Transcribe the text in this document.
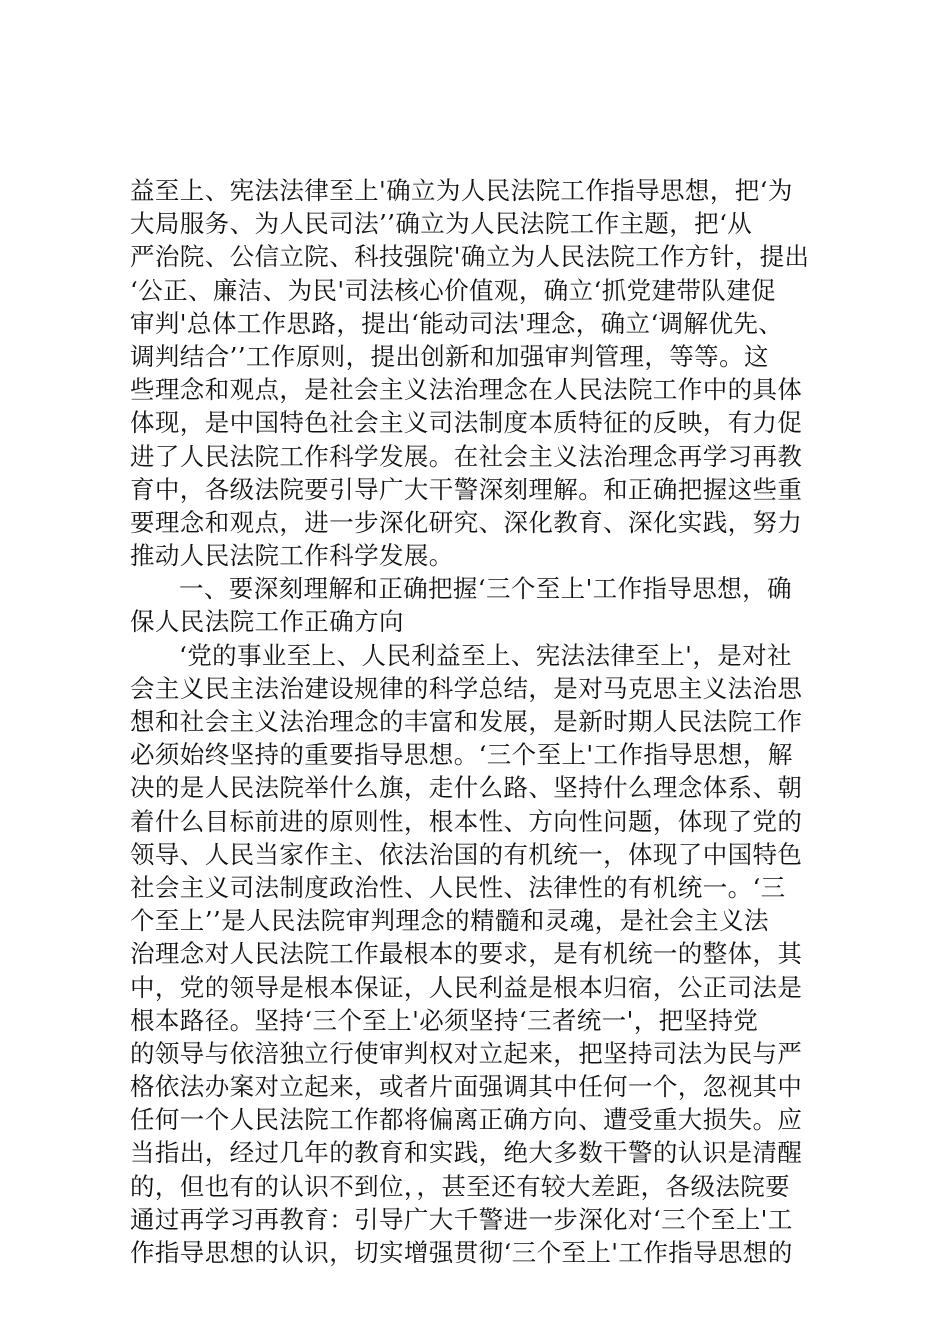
益至上、宪法法律至上'确立为人民法院工作指导思想，把‘为
大局服务、为人民司法’’确立为人民法院工作主题，把‘从
严治院、公信立院、科技强院'确立为人民法院工作方针，提出
‘公正、廉洁、为民'司法核心价值观，确立‘抓党建带队建促
审判'总体工作思路，提出‘能动司法'理念，确立‘调解优先、
调判结合’’工作原则，提出创新和加强审判管理，等等。这
些理念和观点，是社会主义法治理念在人民法院工作中的具体
体现，是中国特色社会主义司法制度本质特征的反映，有力促
进了人民法院工作科学发展。在社会主义法治理念再学习再教
育中，各级法院要引导广大干警深刻理解。和正确把握这些重
要理念和观点，进一步深化研究、深化教育、深化实践，努力
推动人民法院工作科学发展。
一、要深刻理解和正确把握‘三个至上'工作指导思想，确
保人民法院工作正确方向
‘党的事业至上、人民利益至上、宪法法律至上'，是对社
会主义民主法治建设规律的科学总结，是对马克思主义法治思
想和社会主义法治理念的丰富和发展，是新时期人民法院工作
必须始终坚持的重要指导思想。‘三个至上'工作指导思想，解
决的是人民法院举什么旗，走什么路、坚持什么理念体系、朝
着什么目标前进的原则性，根本性、方向性问题，体现了党的
领导、人民当家作主、依法治国的有机统一，体现了中国特色
社会主义司法制度政治性、人民性、法律性的有机统一。‘三
个至上’’是人民法院审判理念的精髓和灵魂，是社会主义法
治理念对人民法院工作最根本的要求，是有机统一的整体，其
中，党的领导是根本保证，人民利益是根本归宿，公正司法是
根本路径。坚持‘三个至上'必须坚持‘三者统一'，把坚持党
的领导与依涪独立行使审判权对立起来，把坚持司法为民与严
格依法办案对立起来，或者片面强调其中任何一个，忽视其中
任何一个人民法院工作都将偏离正确方向、遭受重大损失。应
当指出，经过几年的教育和实践，绝大多数干警的认识是清醒
的，但也有的认识不到位，，甚至还有较大差距，各级法院要
通过再学习再教育：引导广大千警进一步深化对‘三个至上'工
作指导思想的认识，切实增强贯彻‘三个至上'工作指导思想的
